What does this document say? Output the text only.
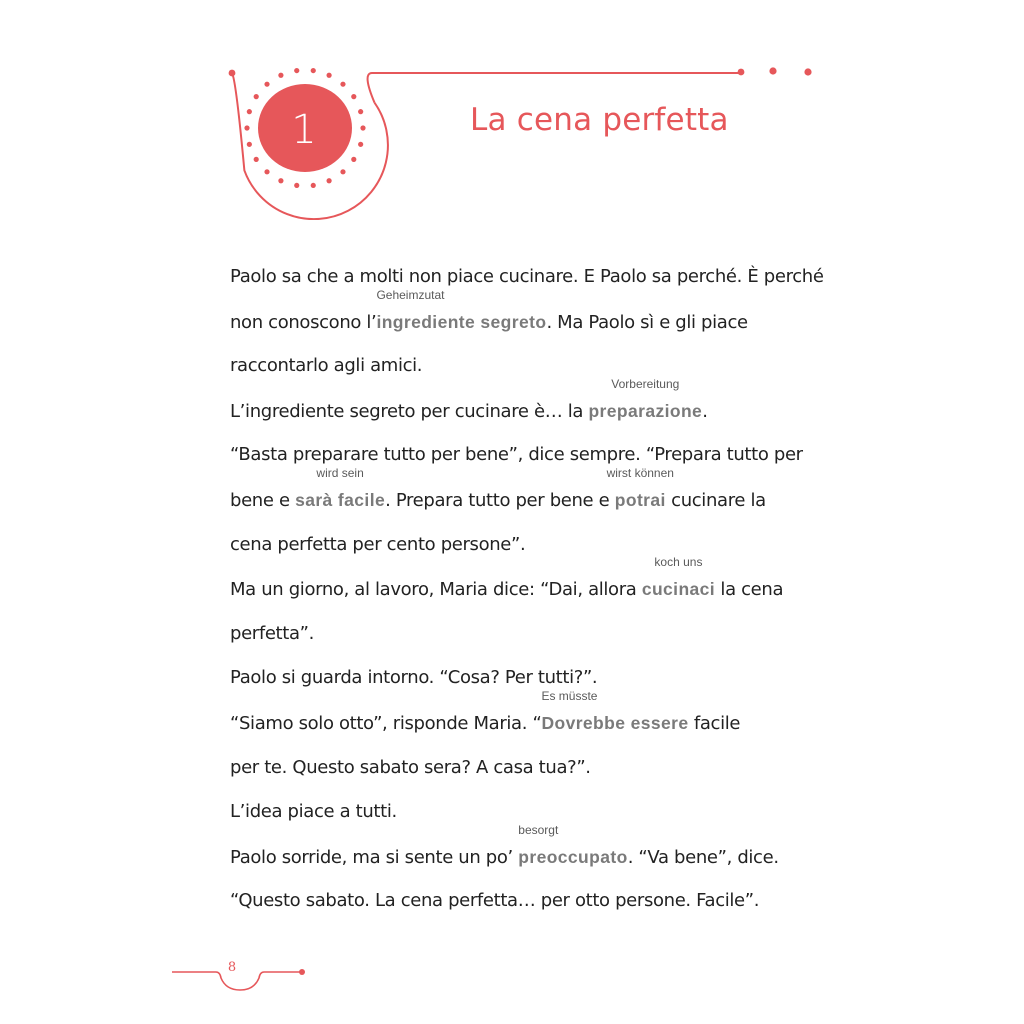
1	La cena perfetta
Paolo sa che a molti non piace cucinare. E Paolo sa perché. È perché
non conoscono l’
Geheimzutat
ingrediente segreto. Ma Paolo sì e gli piace
raccontarlo agli amici.
L’ingrediente segreto per cucinare è… la
Vorbereitung
preparazione.
“Basta preparare tutto per bene”, dice sempre. “Prepara tutto per
bene e
wird sein
sarà facile. Prepara tutto per bene e
wirst können
potrai cucinare la
cena perfetta per cento persone”.
Ma un giorno, al lavoro, Maria dice: “Dai, allora
koch uns
cucinaci la cena
perfetta”.
Paolo si guarda intorno. “Cosa? Per tutti?”.
“Siamo solo otto”, risponde Maria. “
Es müsste
Dovrebbe essere facile
per te. Questo sabato sera? A casa tua?”.
L’idea piace a tutti.
Paolo sorride, ma si sente un po’
besorgt
preoccupato. “Va bene”, dice.
“Questo sabato. La cena perfetta… per otto persone. Facile”.
8
